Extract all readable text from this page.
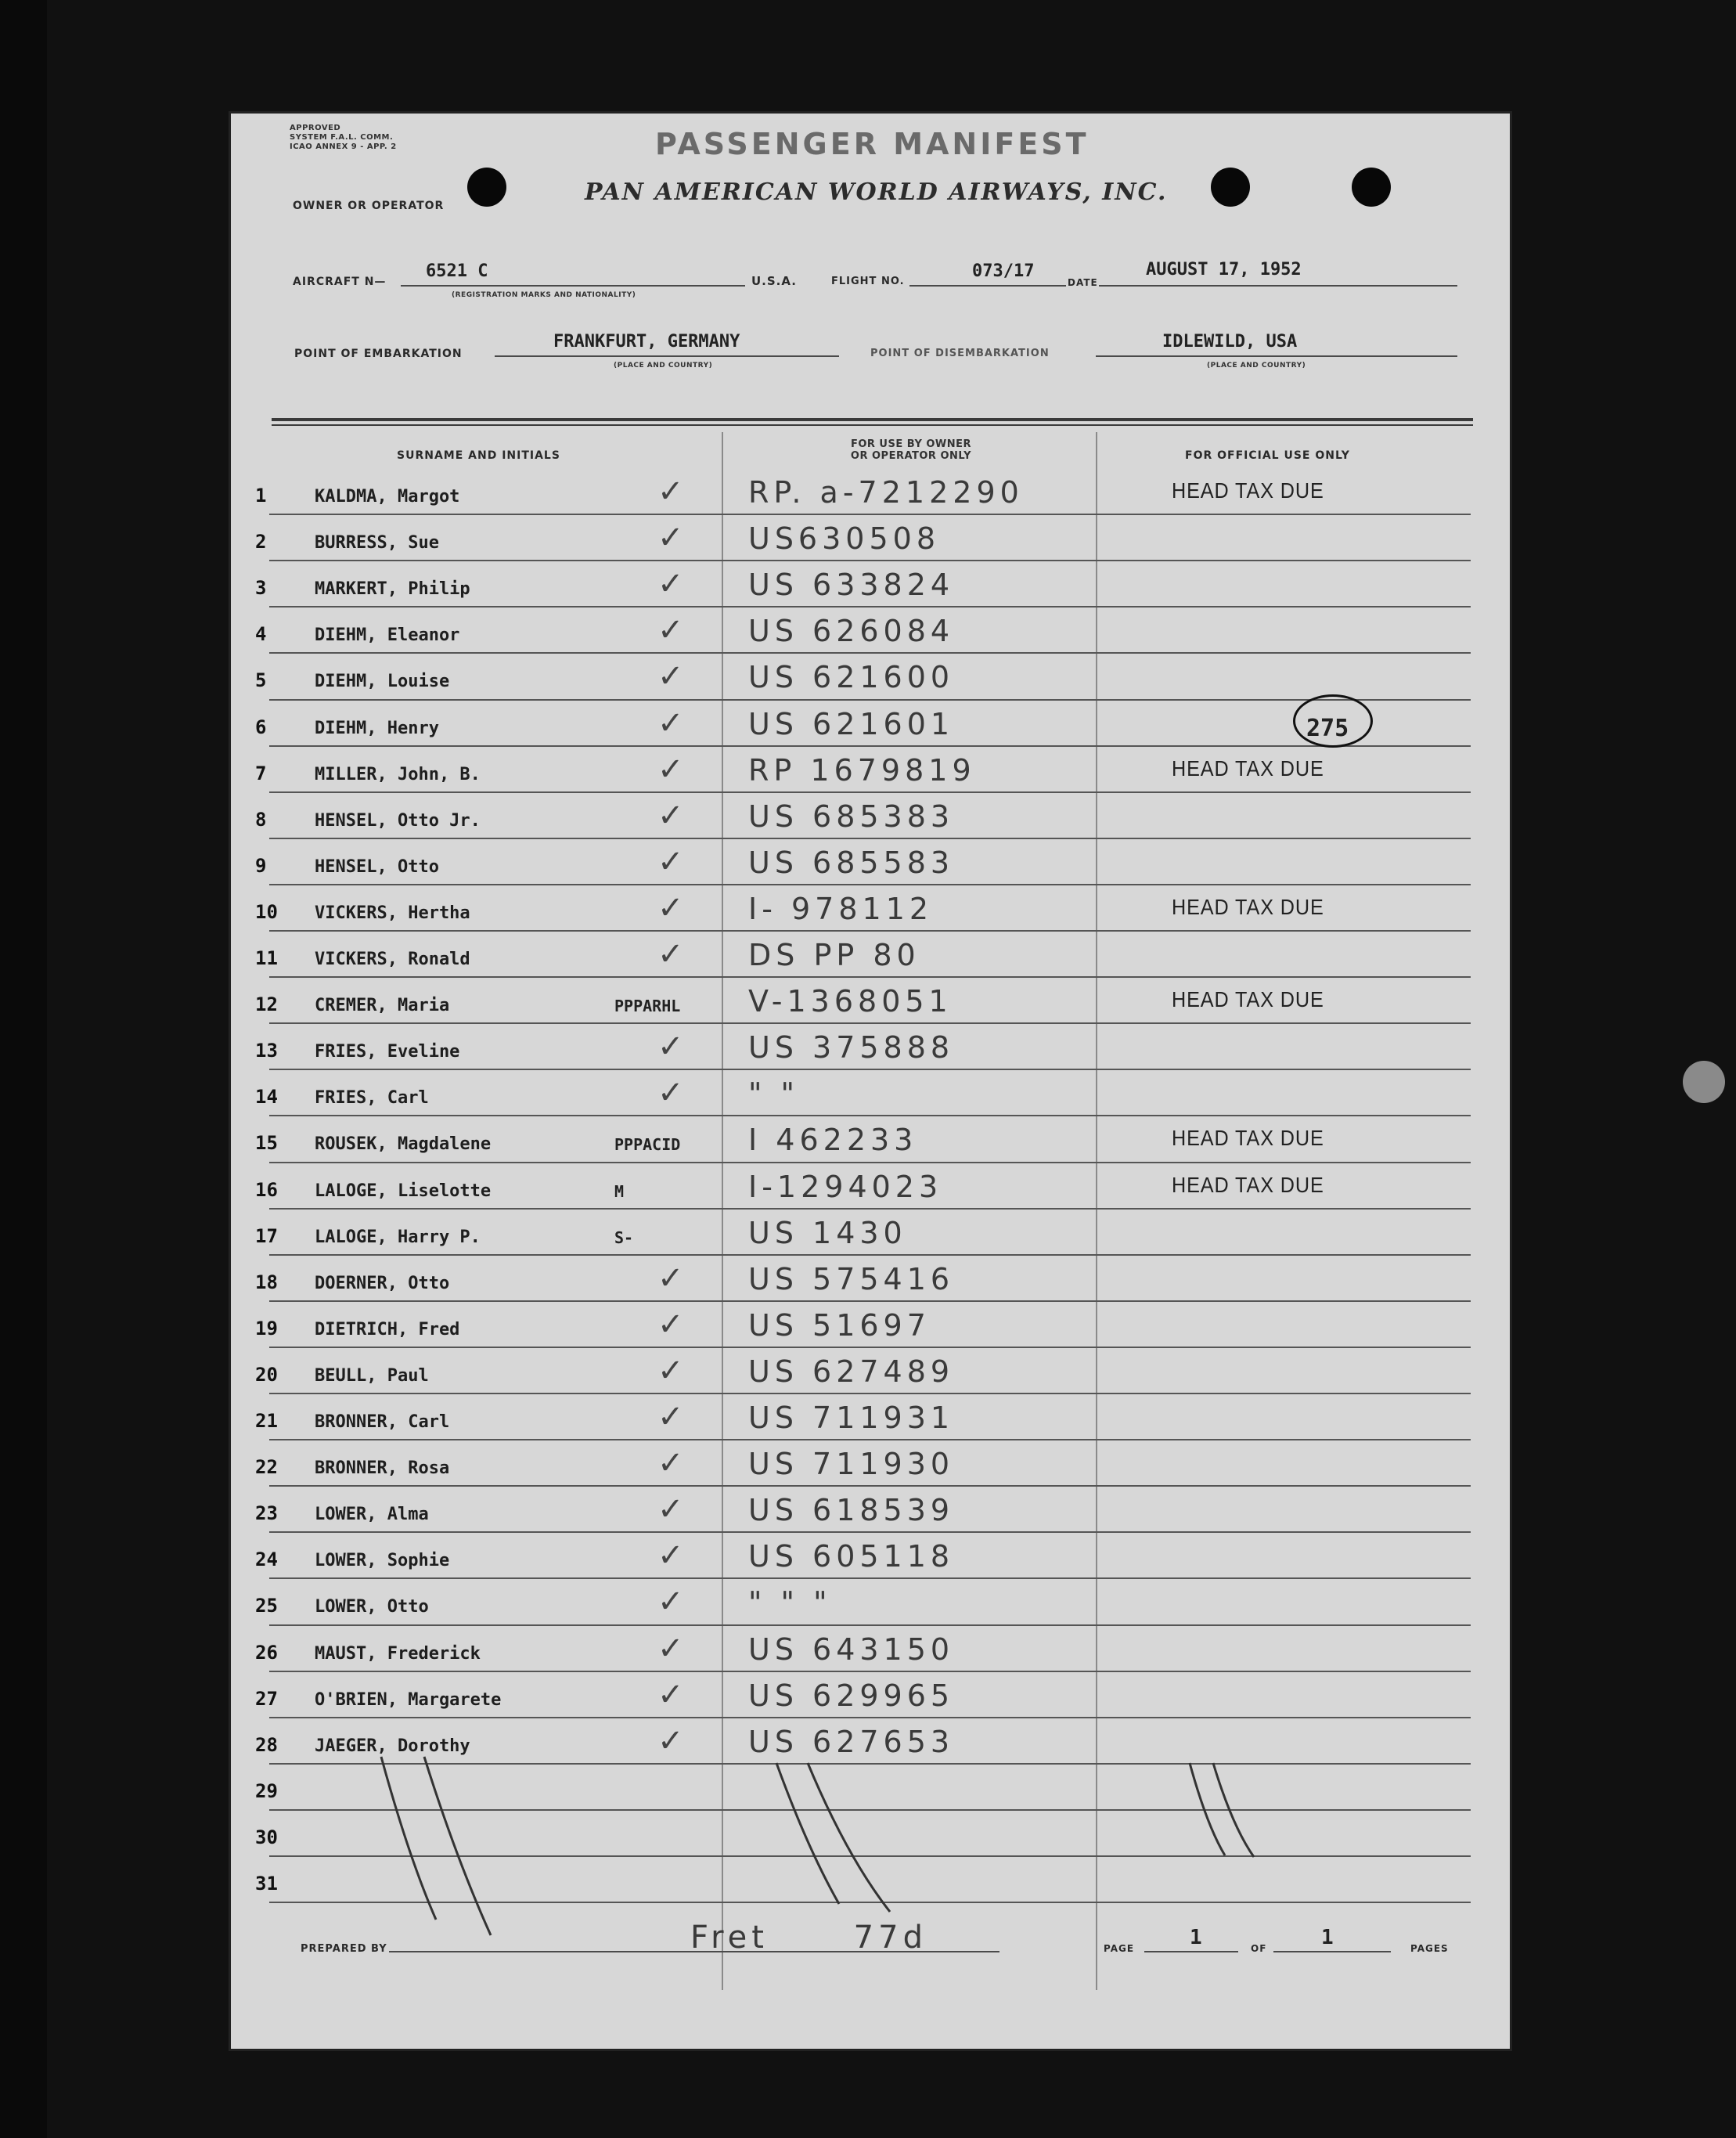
APPROVED
SYSTEM F.A.L. COMM.
ICAO ANNEX 9 - APP. 2
OWNER OR OPERATOR
PASSENGER MANIFEST
PAN AMERICAN WORLD AIRWAYS, INC.
AIRCRAFT N—
6521 C
(REGISTRATION MARKS AND NATIONALITY)
U.S.A.	FLIGHT NO.
073/17
DATE
AUGUST 17, 1952
POINT OF EMBARKATION
FRANKFURT, GERMANY
(PLACE AND COUNTRY)
POINT OF DISEMBARKATION
IDLEWILD, USA
(PLACE AND COUNTRY)
SURNAME AND INITIALS
FOR USE BY OWNER
OR OPERATOR ONLY	FOR OFFICIAL USE ONLY
1	KALDMA, Margot	✓ RP. a-7212290	HEAD TAX DUE
2	BURRESS, Sue	✓ US630508
3	MARKERT, Philip	✓ US 633824
4	DIEHM, Eleanor	✓ US 626084
5	DIEHM, Louise	✓ US 621600
6	DIEHM, Henry	✓ US 621601	275
7	MILLER, John, B.	✓ RP 1679819	HEAD TAX DUE
8	HENSEL, Otto Jr.	✓ US 685383
9	HENSEL, Otto	✓ US 685583
10 VICKERS, Hertha	✓ I- 978112	HEAD TAX DUE
11 VICKERS, Ronald	✓ DS PP 80
12 CREMER, Maria	PPPARHL V-1368051	HEAD TAX DUE
13 FRIES, Eveline	✓ US 375888
14 FRIES, Carl	✓ " "
15 ROUSEK, Magdalene	PPPACID I 462233	HEAD TAX DUE
16 LALOGE, Liselotte	M	I-1294023	HEAD TAX DUE
17 LALOGE, Harry P.	S-	US 1430
18 DOERNER, Otto	✓ US 575416
19 DIETRICH, Fred	✓ US 51697
20 BEULL, Paul	✓ US 627489
21 BRONNER, Carl	✓ US 711931
22 BRONNER, Rosa	✓ US 711930
23 LOWER, Alma	✓ US 618539
24 LOWER, Sophie	✓ US 605118
25 LOWER, Otto	✓ " " "
26 MAUST, Frederick	✓ US 643150
27 O'BRIEN, Margarete	✓ US 629965
28 JAEGER, Dorothy	✓ US 627653
29
30
31
PREPARED BY	Fret 77d	PAGE	1	OF	1	PAGES
